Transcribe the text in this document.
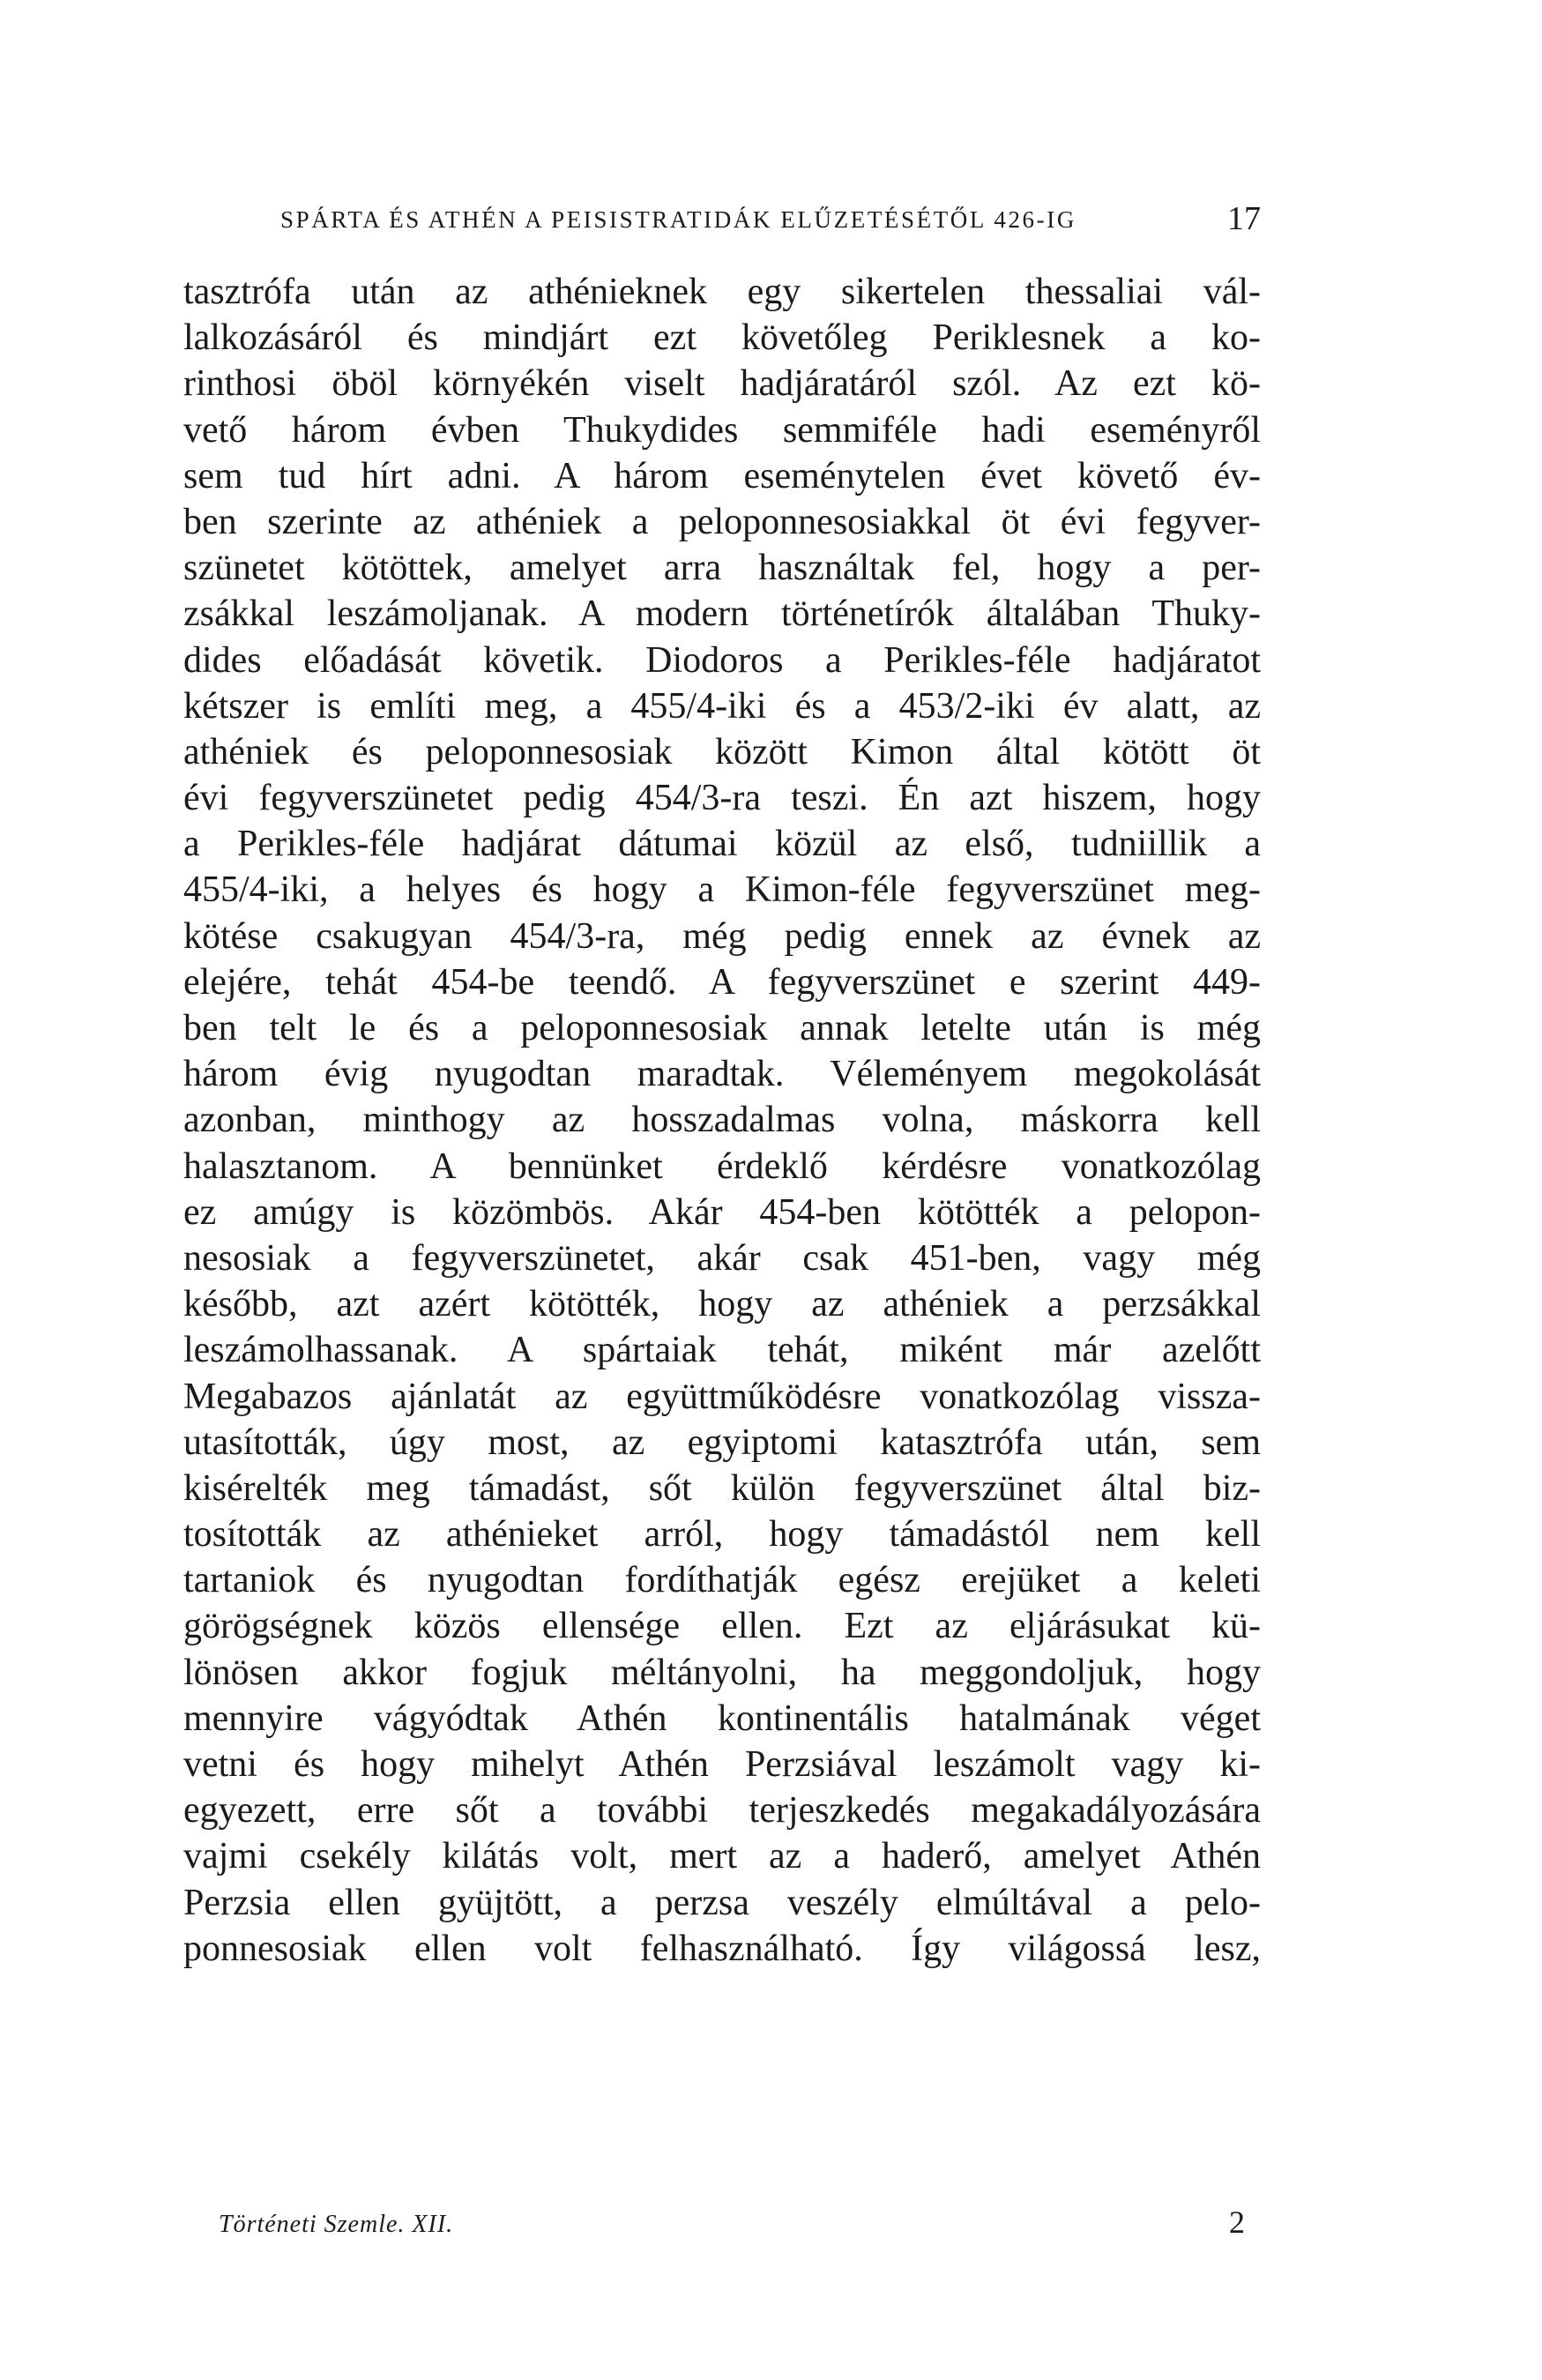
SPÁRTA ÉS ATHÉN A PEISISTRATIDÁK ELŰZETÉSÉTŐL 426-IG	17
tasztrófa után az athénieknek egy sikertelen thessaliai vál-
lalkozásáról és mindjárt ezt követőleg Periklesnek a ko-
rinthosi öböl környékén viselt hadjáratáról szól. Az ezt kö-
vető három évben Thukydides semmiféle hadi eseményről
sem tud hírt adni. A három eseménytelen évet követő év-
ben szerinte az athéniek a peloponnesosiakkal öt évi fegyver-
szünetet kötöttek, amelyet arra használtak fel, hogy a per-
zsákkal leszámoljanak. A modern történetírók általában Thuky-
dides előadását követik. Diodoros a Perikles-féle hadjáratot
kétszer is említi meg, a 455/4-iki és a 453/2-iki év alatt, az
athéniek és peloponnesosiak között Kimon által kötött öt
évi fegyverszünetet pedig 454/3-ra teszi. Én azt hiszem, hogy
a Perikles-féle hadjárat dátumai közül az első, tudniillik a
455/4-iki, a helyes és hogy a Kimon-féle fegyverszünet meg-
kötése csakugyan 454/3-ra, még pedig ennek az évnek az
elejére, tehát 454-be teendő. A fegyverszünet e szerint 449-
ben telt le és a peloponnesosiak annak letelte után is még
három évig nyugodtan maradtak. Véleményem megokolását
azonban, minthogy az hosszadalmas volna, máskorra kell
halasztanom. A bennünket érdeklő kérdésre vonatkozólag
ez amúgy is közömbös. Akár 454-ben kötötték a pelopon-
nesosiak a fegyverszünetet, akár csak 451-ben, vagy még
később, azt azért kötötték, hogy az athéniek a perzsákkal
leszámolhassanak. A spártaiak tehát, miként már azelőtt
Megabazos ajánlatát az együttműködésre vonatkozólag vissza-
utasították, úgy most, az egyiptomi katasztrófa után, sem
kisérelték meg támadást, sőt külön fegyverszünet által biz-
tosították az athénieket arról, hogy támadástól nem kell
tartaniok és nyugodtan fordíthatják egész erejüket a keleti
görögségnek közös ellensége ellen. Ezt az eljárásukat kü-
lönösen akkor fogjuk méltányolni, ha meggondoljuk, hogy
mennyire vágyódtak Athén kontinentális hatalmának véget
vetni és hogy mihelyt Athén Perzsiával leszámolt vagy ki-
egyezett, erre sőt a további terjeszkedés megakadályozására
vajmi csekély kilátás volt, mert az a haderő, amelyet Athén
Perzsia ellen gyüjtött, a perzsa veszély elmúltával a pelo-
ponnesosiak ellen volt felhasználható. Így világossá lesz,
Történeti Szemle. XII.	2
